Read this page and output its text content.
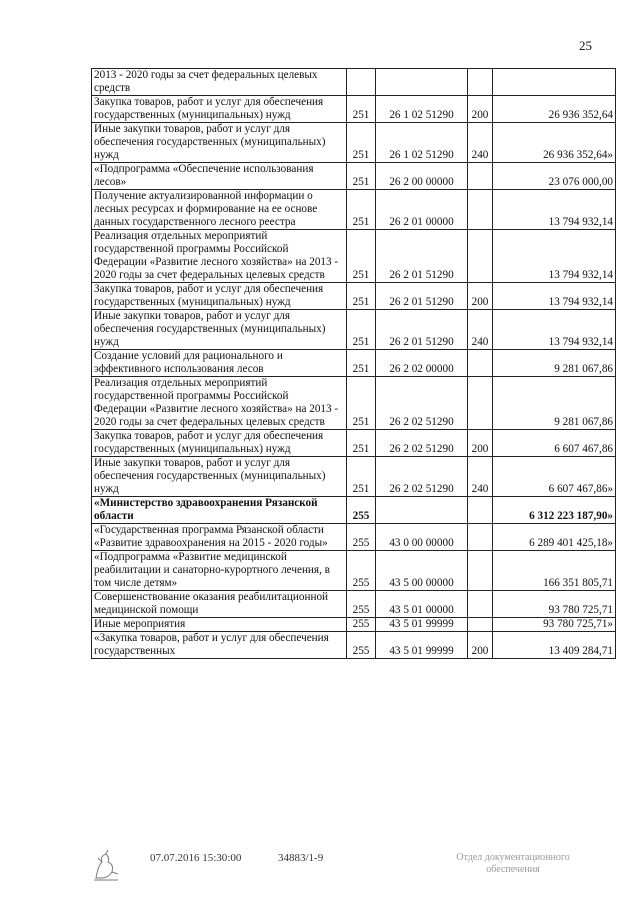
25
2013 - 2020 годы за счет федеральных целевых средств				
Закупка товаров, работ и услуг для обеспечения государственных (муниципальных) нужд	251	26 1 02 51290	200	26 936 352,64
Иные закупки товаров, работ и услуг для обеспечения государственных (муниципальных) нужд	251	26 1 02 51290	240	26 936 352,64»
«Подпрограмма «Обеспечение использования лесов»	251	26 2 00 00000		23 076 000,00
Получение актуализированной информации о лесных ресурсах и формирование на ее основе данных государственного лесного реестра	251	26 2 01 00000		13 794 932,14
Реализация отдельных мероприятий государственной программы Российской Федерации «Развитие лесного хозяйства» на 2013 - 2020 годы за счет федеральных целевых средств	251	26 2 01 51290		13 794 932,14
Закупка товаров, работ и услуг для обеспечения государственных (муниципальных) нужд	251	26 2 01 51290	200	13 794 932,14
Иные закупки товаров, работ и услуг для обеспечения государственных (муниципальных) нужд	251	26 2 01 51290	240	13 794 932,14
Создание условий для рационального и эффективного использования лесов	251	26 2 02 00000		9 281 067,86
Реализация отдельных мероприятий государственной программы Российской Федерации «Развитие лесного хозяйства» на 2013 - 2020 годы за счет федеральных целевых средств	251	26 2 02 51290		9 281 067,86
Закупка товаров, работ и услуг для обеспечения государственных (муниципальных) нужд	251	26 2 02 51290	200	6 607 467,86
Иные закупки товаров, работ и услуг для обеспечения государственных (муниципальных) нужд	251	26 2 02 51290	240	6 607 467,86»
«Министерство здравоохранения Рязанской области	255			6 312 223 187,90»
«Государственная программа Рязанской области «Развитие здравоохранения на 2015 - 2020 годы»	255	43 0 00 00000		6 289 401 425,18»
«Подпрограмма «Развитие медицинской реабилитации и санаторно-курортного лечения, в том числе детям»	255	43 5 00 00000		166 351 805,71
Совершенствование оказания реабилитационной медицинской помощи	255	43 5 01 00000		93 780 725,71
Иные мероприятия	255	43 5 01 99999		93 780 725,71»
«Закупка товаров, работ и услуг для обеспечения государственных	255	43 5 01 99999	200	13 409 284,71
07.07.2016 15:30:00	34883/1-9	Отдел документационного
обеспечения
